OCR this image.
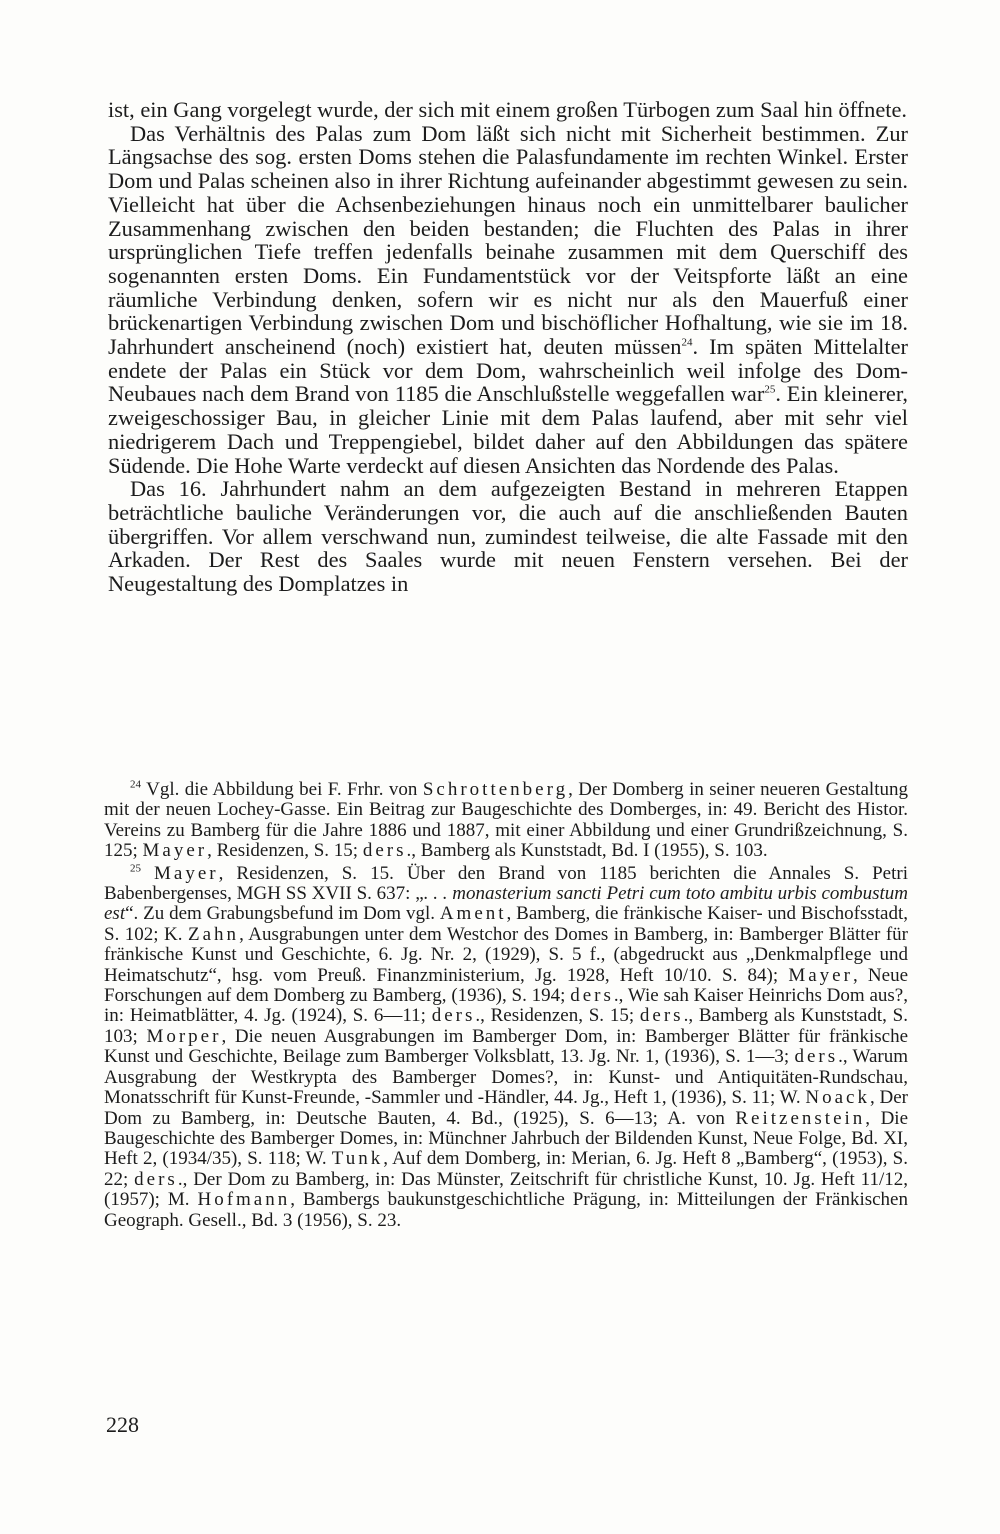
ist, ein Gang vorgelegt wurde, der sich mit einem großen Türbogen zum Saal hin öffnete.

Das Verhältnis des Palas zum Dom läßt sich nicht mit Sicherheit bestimmen. Zur Längsachse des sog. ersten Doms stehen die Palasfundamente im rechten Winkel. Erster Dom und Palas scheinen also in ihrer Richtung aufeinander abgestimmt gewesen zu sein. Vielleicht hat über die Achsenbeziehungen hinaus noch ein unmittelbarer baulicher Zusammenhang zwischen den beiden bestanden; die Fluchten des Palas in ihrer ursprünglichen Tiefe treffen jedenfalls beinahe zusammen mit dem Querschiff des sogenannten ersten Doms. Ein Fundamentstück vor der Veitspforte läßt an eine räumliche Verbindung denken, sofern wir es nicht nur als den Mauerfuß einer brückenartigen Verbindung zwischen Dom und bischöflicher Hofhaltung, wie sie im 18. Jahrhundert anscheinend (noch) existiert hat, deuten müssen$^{24}$. Im späten Mittelalter endete der Palas ein Stück vor dem Dom, wahrscheinlich weil infolge des Dom-Neubaues nach dem Brand von 1185 die Anschlußstelle weggefallen war$^{25}$. Ein kleinerer, zweigeschossiger Bau, in gleicher Linie mit dem Palas laufend, aber mit sehr viel niedrigerem Dach und Treppengiebel, bildet daher auf den Abbildungen das spätere Südende. Die Hohe Warte verdeckt auf diesen Ansichten das Nordende des Palas.

Das 16. Jahrhundert nahm an dem aufgezeigten Bestand in mehreren Etappen beträchtliche bauliche Veränderungen vor, die auch auf die anschließenden Bauten übergriffen. Vor allem verschwand nun, zumindest teilweise, die alte Fassade mit den Arkaden. Der Rest des Saales wurde mit neuen Fenstern versehen. Bei der Neugestaltung des Domplatzes in

$^{24}$ Vgl. die Abbildung bei F. Frhr. von Schrottenberg, Der Domberg in seiner neueren Gestaltung mit der neuen Lochey-Gasse. Ein Beitrag zur Baugeschichte des Domberges, in: 49. Bericht des Histor. Vereins zu Bamberg für die Jahre 1886 und 1887, mit einer Abbildung und einer Grundrißzeichnung, S. 125; Mayer, Residenzen, S. 15; ders., Bamberg als Kunststadt, Bd. I (1955), S. 103.

$^{25}$ Mayer, Residenzen, S. 15. Über den Brand von 1185 berichten die Annales S. Petri Babenbergenses, MGH SS XVII S. 637: „. . . monasterium sancti Petri cum toto ambitu urbis combustum est“. Zu dem Grabungsbefund im Dom vgl. Ament, Bamberg, die fränkische Kaiser- und Bischofsstadt, S. 102; K. Zahn, Ausgrabungen unter dem Westchor des Domes in Bamberg, in: Bamberger Blätter für fränkische Kunst und Geschichte, 6. Jg. Nr. 2, (1929), S. 5 f., (abgedruckt aus „Denkmalpflege und Heimatschutz“, hsg. vom Preuß. Finanzministerium, Jg. 1928, Heft 10/10. S. 84); Mayer, Neue Forschungen auf dem Domberg zu Bamberg, (1936), S. 194; ders., Wie sah Kaiser Heinrichs Dom aus?, in: Heimatblätter, 4. Jg. (1924), S. 6—11; ders., Residenzen, S. 15; ders., Bamberg als Kunststadt, S. 103; Morper, Die neuen Ausgrabungen im Bamberger Dom, in: Bamberger Blätter für fränkische Kunst und Geschichte, Beilage zum Bamberger Volksblatt, 13. Jg. Nr. 1, (1936), S. 1—3; ders., Warum Ausgrabung der Westkrypta des Bamberger Domes?, in: Kunst- und Antiquitäten-Rundschau, Monatsschrift für Kunst-Freunde, -Sammler und -Händler, 44. Jg., Heft 1, (1936), S. 11; W. Noack, Der Dom zu Bamberg, in: Deutsche Bauten, 4. Bd., (1925), S. 6—13; A. von Reitzenstein, Die Baugeschichte des Bamberger Domes, in: Münchner Jahrbuch der Bildenden Kunst, Neue Folge, Bd. XI, Heft 2, (1934/35), S. 118; W. Tunk, Auf dem Domberg, in: Merian, 6. Jg. Heft 8 „Bamberg“, (1953), S. 22; ders., Der Dom zu Bamberg, in: Das Münster, Zeitschrift für christliche Kunst, 10. Jg. Heft 11/12, (1957); M. Hofmann, Bambergs baukunstgeschichtliche Prägung, in: Mitteilungen der Fränkischen Geograph. Gesell., Bd. 3 (1956), S. 23.

228
